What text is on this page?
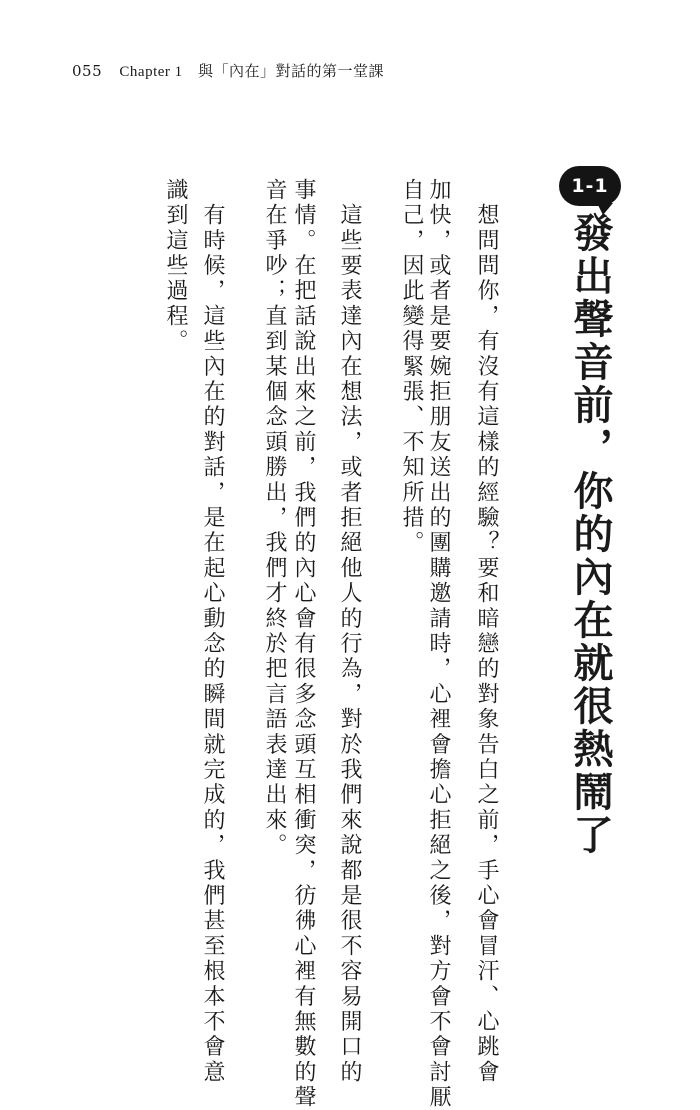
055 Chapter 1 與「內在」對話的第一堂課
1-1
發出聲音前，你的內在就很熱鬧了
　想問問你，有沒有這樣的經驗？要和暗戀的對象告白之前，手心會冒汗、心跳會
加快，或者是要婉拒朋友送出的團購邀請時，心裡會擔心拒絕之後，對方會不會討厭
自己，因此變得緊張、不知所措。
　這些要表達內在想法，或者拒絕他人的行為，對於我們來說都是很不容易開口的
事情。在把話說出來之前，我們的內心會有很多念頭互相衝突，彷彿心裡有無數的聲
音在爭吵；直到某個念頭勝出，我們才終於把言語表達出來。
　有時候，這些內在的對話，是在起心動念的瞬間就完成的，我們甚至根本不會意
識到這些過程。
